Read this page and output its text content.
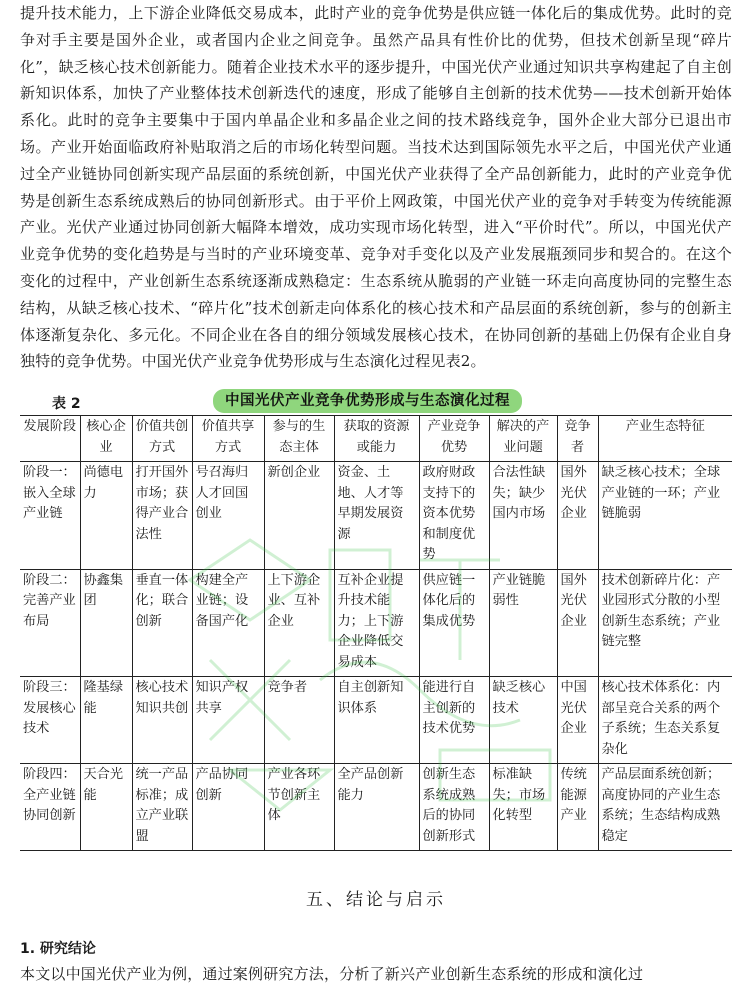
提升技术能力，上下游企业降低交易成本，此时产业的竞争优势是供应链一体化后的集成优势。此时的竞争对手主要是国外企业，或者国内企业之间竞争。虽然产品具有性价比的优势，但技术创新呈现“碎片化”，缺乏核心技术创新能力。随着企业技术水平的逐步提升，中国光伏产业通过知识共享构建起了自主创新知识体系，加快了产业整体技术创新迭代的速度，形成了能够自主创新的技术优势——技术创新开始体系化。此时的竞争主要集中于国内单晶企业和多晶企业之间的技术路线竞争，国外企业大部分已退出市场。产业开始面临政府补贴取消之后的市场化转型问题。当技术达到国际领先水平之后，中国光伏产业通过全产业链协同创新实现产品层面的系统创新，中国光伏产业获得了全产品创新能力，此时的产业竞争优势是创新生态系统成熟后的协同创新形式。由于平价上网政策，中国光伏产业的竞争对手转变为传统能源产业。光伏产业通过协同创新大幅降本增效，成功实现市场化转型，进入“平价时代”。所以，中国光伏产业竞争优势的变化趋势是与当时的产业环境变革、竞争对手变化以及产业发展瓶颈同步和契合的。在这个变化的过程中，产业创新生态系统逐渐成熟稳定：生态系统从脆弱的产业链一环走向高度协同的完整生态结构，从缺乏核心技术、“碎片化”技术创新走向体系化的核心技术和产品层面的系统创新，参与的创新主体逐渐复杂化、多元化。不同企业在各自的细分领域发展核心技术，在协同创新的基础上仍保有企业自身独特的竞争优势。中国光伏产业竞争优势形成与生态演化过程见表2。

表 2	中国光伏产业竞争优势形成与生态演化过程
发展阶段	核心企业	价值共创方式	价值共享方式	参与的生态主体	获取的资源或能力	产业竞争优势	解决的产业问题	竞争者	产业生态特征
阶段一：嵌入全球产业链	尚德电力	打开国外市场；获得产业合法性	号召海归人才回国创业	新创企业	资金、土地、人才等早期发展资源	政府财政支持下的资本优势和制度优势	合法性缺失；缺少国内市场	国外光伏企业	缺乏核心技术；全球产业链的一环；产业链脆弱
阶段二：完善产业布局	协鑫集团	垂直一体化；联合创新	构建全产业链；设备国产化	上下游企业、互补企业	互补企业提升技术能力；上下游企业降低交易成本	供应链一体化后的集成优势	产业链脆弱性	国外光伏企业	技术创新碎片化：产业园形式分散的小型创新生态系统；产业链完整
阶段三：发展核心技术	隆基绿能	核心技术知识共创	知识产权共享	竞争者	自主创新知识体系	能进行自主创新的技术优势	缺乏核心技术	中国光伏企业	核心技术体系化：内部呈竞合关系的两个子系统；生态关系复杂化
阶段四：全产业链协同创新	天合光能	统一产品标准；成立产业联盟	产品协同创新	产业各环节创新主体	全产品创新能力	创新生态系统成熟后的协同创新形式	标准缺失；市场化转型	传统能源产业	产品层面系统创新；高度协同的产业生态系统；生态结构成熟稳定
五、结论与启示
1. 研究结论

本文以中国光伏产业为例，通过案例研究方法，分析了新兴产业创新生态系统的形成和演化过
